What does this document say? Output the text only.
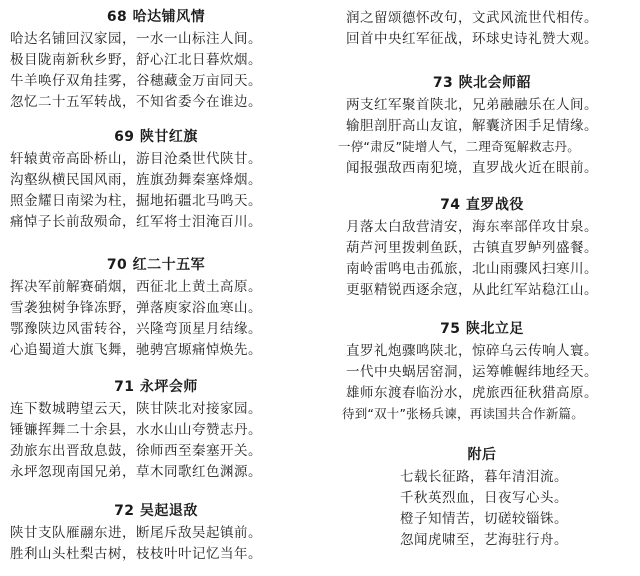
68 哈达铺风情
哈达名铺回汉家园，一水一山标注人间。
极目陇南新秋乡野，舒心江北日暮炊烟。
牛羊唤仔双角挂雾，谷穗藏金万亩同天。
忽忆二十五军转战，不知省委今在谁边。
69 陕甘红旗
轩辕黄帝高卧桥山，游目沧桑世代陕甘。
沟壑纵横民国风雨，旌旗劲舞秦塞烽烟。
照金耀日南梁为柱，掘地拓疆北马鸣天。
痛悼子长前敌殒命，红军将士泪淹百川。
70 红二十五军
挥决军前解赛硝烟，西征北上黄土高原。
雪袭独树争锋冻野，弹落庾家浴血寒山。
鄂豫陕边风雷转谷，兴隆弯顶星月结缘。
心追蜀道大旗飞舞，驰骋宫塬痛悼焕先。
71 永坪会师
连下数城聘望云天，陕甘陕北对接家园。
锤镰挥舞二十余县，水水山山夸赞志丹。
劲旅东出晋敌息鼓，徐师西至秦塞开关。
永坪忽现南国兄弟，草木同歌红色渊源。
72 吴起退敌
陕甘支队雁翮东进，断尾斥敌吴起镇前。
胜利山头杜梨古树，枝枝叶叶记忆当年。
润之留颂德怀改句，文武风流世代相传。
回首中央红军征战，环球史诗礼赞大观。
73 陕北会师韶
两支红军聚首陕北，兄弟融融乐在人间。
输胆剖肝高山友谊，解囊济困手足情缘。
一停“肃反”陡增人气，二理奇冤解救志丹。
闻报强敌西南犯境，直罗战火近在眼前。
74 直罗战役
月落太白敌营清安，海东率部佯攻甘泉。
葫芦河里拨剌鱼跃，古镇直罗鲈列盛餐。
南岭雷鸣电击孤旅，北山雨骤风扫寒川。
更驱精锐西逐余寇，从此红军站稳江山。
75 陕北立足
直罗礼炮骤鸣陕北，惊碎乌云传响人寰。
一代中央蜗居窑洞，运筹帷幄纬地经天。
雄师东渡春临汾水，虎旅西征秋猎高原。
待到“双十”张杨兵谏，再读国共合作新篇。
附后
七载长征路，暮年清泪流。
千秋英烈血，日夜写心头。
橙子知情苦，切磋较锱铢。
忽闻虎啸至，艺海驻行舟。
